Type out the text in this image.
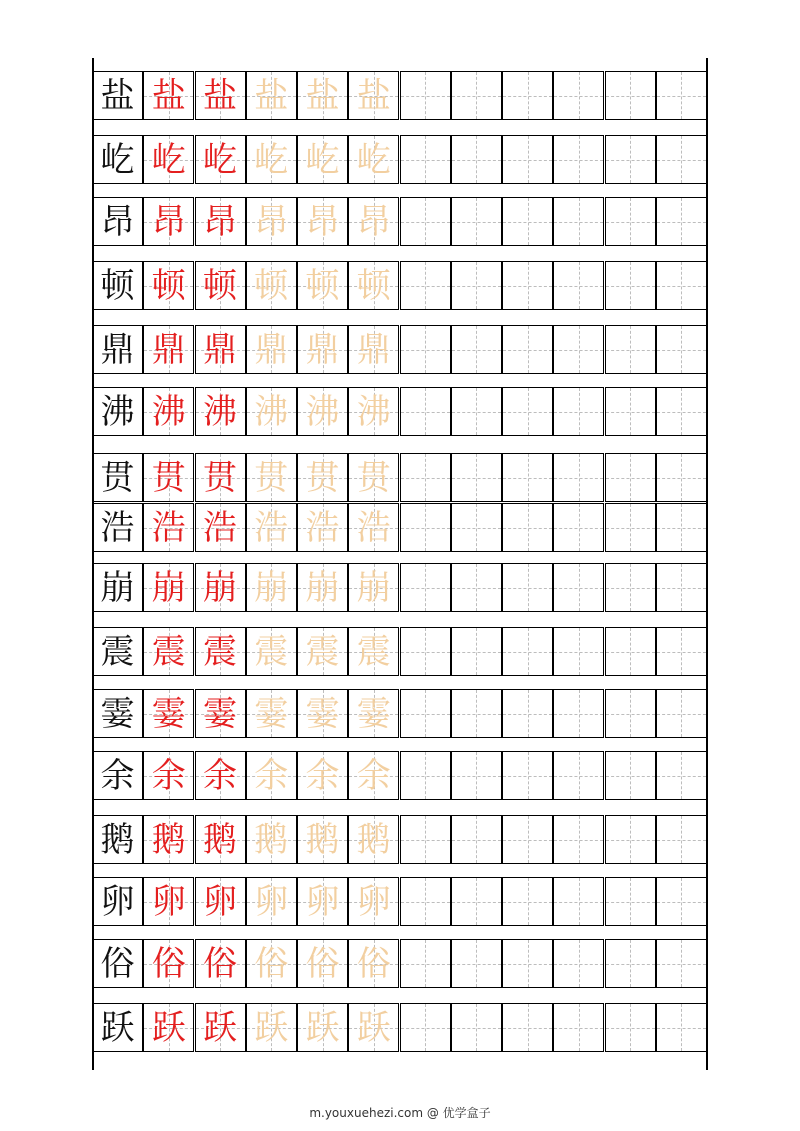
盐 盐 盐 盐 盐 盐
屹 屹 屹 屹 屹 屹
昂 昂 昂 昂 昂 昂
顿 顿 顿 顿 顿 顿
鼎 鼎 鼎 鼎 鼎 鼎
沸 沸 沸 沸 沸 沸
贯 贯 贯 贯 贯 贯
浩 浩 浩 浩 浩 浩
崩 崩 崩 崩 崩 崩
震 震 震 震 震 震
霎 霎 霎 霎 霎 霎
余 余 余 余 余 余
鹅 鹅 鹅 鹅 鹅 鹅
卵 卵 卵 卵 卵 卵
俗 俗 俗 俗 俗 俗
跃 跃 跃 跃 跃 跃
m.youxuehezi.com @ 优学盒子
